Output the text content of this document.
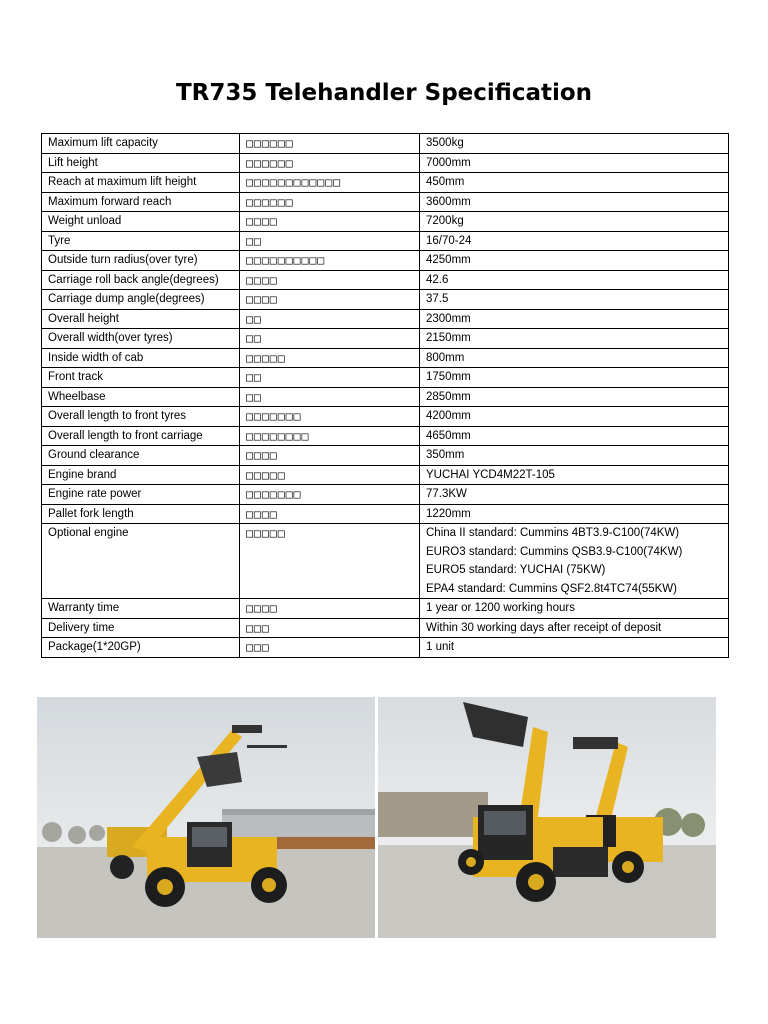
TR735 Telehandler Specification
Maximum lift capacity	□□□□□□	3500kg
Lift height	□□□□□□	7000mm
Reach at maximum lift height	□□□□□□□□□□□□	450mm
Maximum forward reach	□□□□□□	3600mm
Weight unload	□□□□	7200kg
Tyre	□□	16/70-24
Outside turn radius(over tyre)	□□□□□□□□□□	4250mm
Carriage roll back angle(degrees)	□□□□	42.6
Carriage dump angle(degrees)	□□□□	37.5
Overall height	□□	2300mm
Overall width(over tyres)	□□	2150mm
Inside width of cab	□□□□□	800mm
Front track	□□	1750mm
Wheelbase	□□	2850mm
Overall length to front tyres	□□□□□□□	4200mm
Overall length to front carriage	□□□□□□□□	4650mm
Ground clearance	□□□□	350mm
Engine brand	□□□□□	YUCHAI YCD4M22T-105
Engine rate power	□□□□□□□	77.3KW
Pallet fork length	□□□□	1220mm
Optional engine	□□□□□	China II standard: Cummins 4BT3.9-C100(74KW)
EURO3 standard: Cummins QSB3.9-C100(74KW)
EURO5 standard: YUCHAI (75KW)
EPA4 standard: Cummins QSF2.8t4TC74(55KW)

Warranty time	□□□□	1 year or 1200 working hours
Delivery time	□□□	Within 30 working days after receipt of deposit
Package(1*20GP)	□□□	1 unit
